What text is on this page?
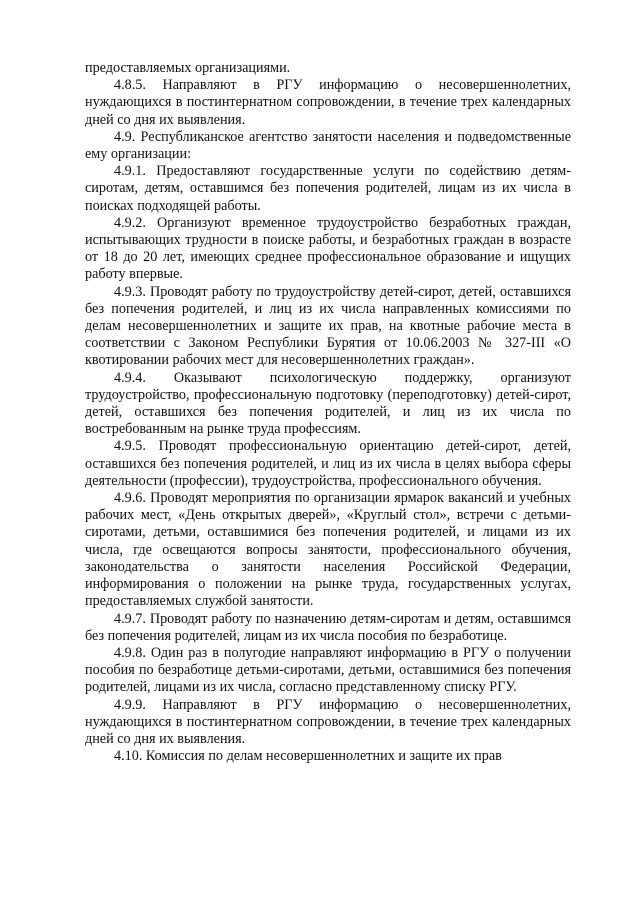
предоставляемых организациями.

4.8.5. Направляют в РГУ информацию о несовершеннолетних, нуждающихся в постинтернатном сопровождении, в течение трех календарных дней со дня их выявления.

4.9. Республиканское агентство занятости населения и подведомственные ему организации:

4.9.1. Предоставляют государственные услуги по содействию детям-сиротам, детям, оставшимся без попечения родителей, лицам из их числа в поисках подходящей работы.

4.9.2. Организуют временное трудоустройство безработных граждан, испытывающих трудности в поиске работы, и безработных граждан в возрасте от 18 до 20 лет, имеющих среднее профессиональное образование и ищущих работу впервые.

4.9.3. Проводят работу по трудоустройству детей-сирот, детей, оставшихся без попечения родителей, и лиц из их числа направленных комиссиями по делам несовершеннолетних и защите их прав, на квотные рабочие места в соответствии с Законом Республики Бурятия от 10.06.2003 № 327-III «О квотировании рабочих мест для несовершеннолетних граждан».

4.9.4. Оказывают психологическую поддержку, организуют трудоустройство, профессиональную подготовку (переподготовку) детей-сирот, детей, оставшихся без попечения родителей, и лиц из их числа по востребованным на рынке труда профессиям.

4.9.5. Проводят профессиональную ориентацию детей-сирот, детей, оставшихся без попечения родителей, и лиц из их числа в целях выбора сферы деятельности (профессии), трудоустройства, профессионального обучения.

4.9.6. Проводят мероприятия по организации ярмарок вакансий и учебных рабочих мест, «День открытых дверей», «Круглый стол», встречи с детьми-сиротами, детьми, оставшимися без попечения родителей, и лицами из их числа, где освещаются вопросы занятости, профессионального обучения, законодательства о занятости населения Российской Федерации, информирования о положении на рынке труда, государственных услугах, предоставляемых службой занятости.

4.9.7. Проводят работу по назначению детям-сиротам и детям, оставшимся без попечения родителей, лицам из их числа пособия по безработице.

4.9.8. Один раз в полугодие направляют информацию в РГУ о получении пособия по безработице детьми-сиротами, детьми, оставшимися без попечения родителей, лицами из их числа, согласно представленному списку РГУ.

4.9.9. Направляют в РГУ информацию о несовершеннолетних, нуждающихся в постинтернатном сопровождении, в течение трех календарных дней со дня их выявления.

4.10. Комиссия по делам несовершеннолетних и защите их прав
